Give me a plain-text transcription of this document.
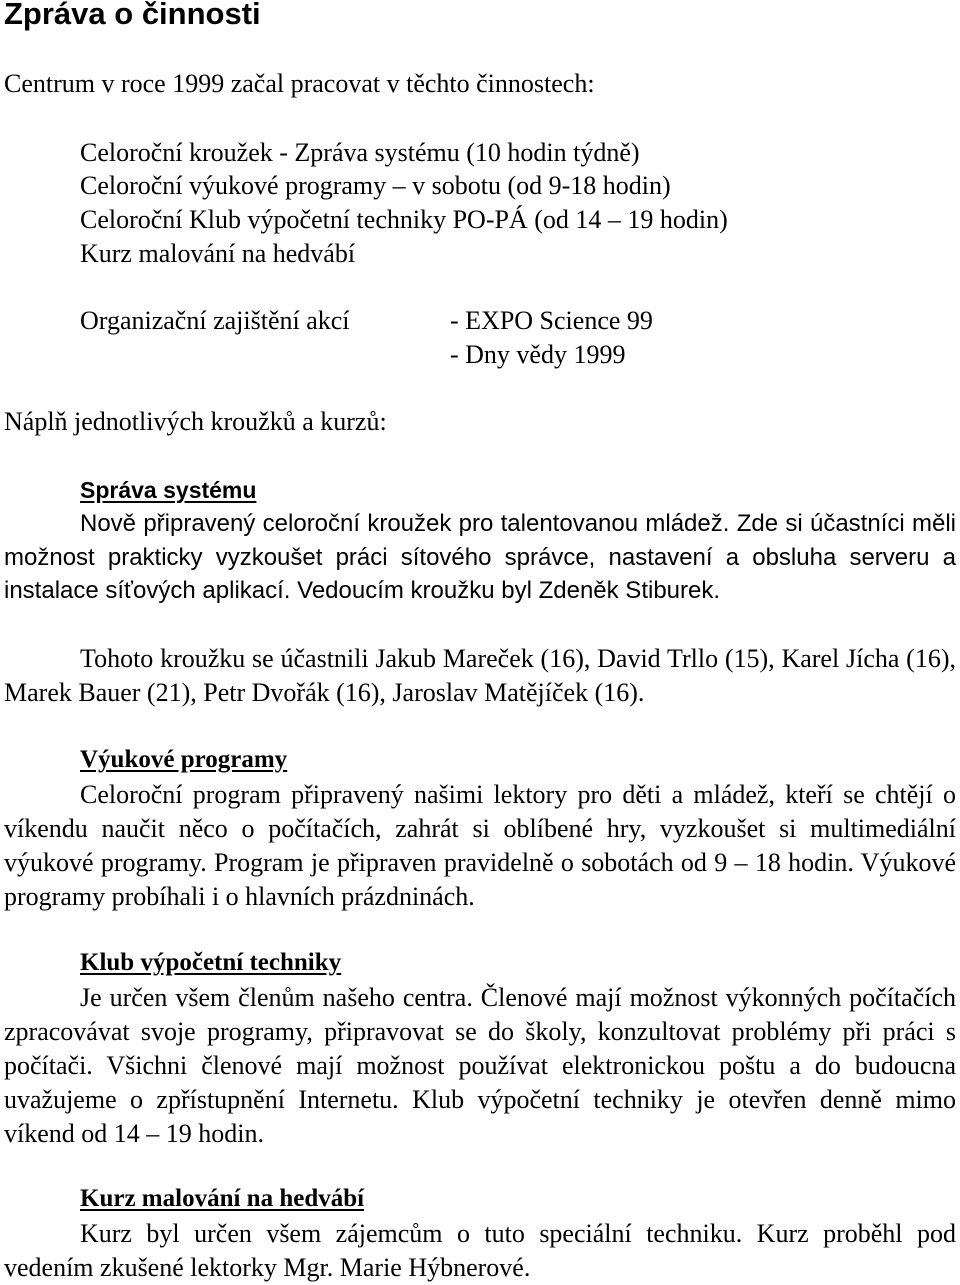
Zpráva o činnosti

Centrum v roce 1999 začal pracovat v těchto činnostech:

Celoroční kroužek - Zpráva systému (10 hodin týdně)

Celoroční výukové programy – v sobotu (od 9-18 hodin)

Celoroční Klub výpočetní techniky PO-PÁ (od 14 – 19 hodin)

Kurz malování na hedvábí

Organizační zajištění akcí	- EXPO Science 99

- Dny vědy 1999

Náplň jednotlivých kroužků a kurzů:

Správa systému

Nově připravený celoroční kroužek pro talentovanou mládež. Zde si účastníci měli možnost prakticky vyzkoušet práci sítového správce, nastavení a obsluha serveru a instalace síťových aplikací. Vedoucím kroužku byl Zdeněk Stiburek.

Tohoto kroužku se účastnili Jakub Mareček (16), David Trllo (15), Karel Jícha (16), Marek Bauer (21), Petr Dvořák (16), Jaroslav Matějíček (16).

Výukové programy

Celoroční program připravený našimi lektory pro děti a mládež, kteří se chtějí o víkendu naučit něco o počítačích, zahrát si oblíbené hry, vyzkoušet si multimediální výukové programy. Program je připraven pravidelně o sobotách od 9 – 18 hodin. Výukové programy probíhali i o hlavních prázdninách.

Klub výpočetní techniky

Je určen všem členům našeho centra. Členové mají možnost výkonných počítačích zpracovávat svoje programy, připravovat se do školy, konzultovat problémy při práci s počítači. Všichni členové mají možnost používat elektronickou poštu a do budoucna uvažujeme o zpřístupnění Internetu. Klub výpočetní techniky je otevřen denně mimo víkend od 14 – 19 hodin.

Kurz malování na hedvábí

Kurz byl určen všem zájemcům o tuto speciální techniku. Kurz proběhl pod vedením zkušené lektorky Mgr. Marie Hýbnerové.
